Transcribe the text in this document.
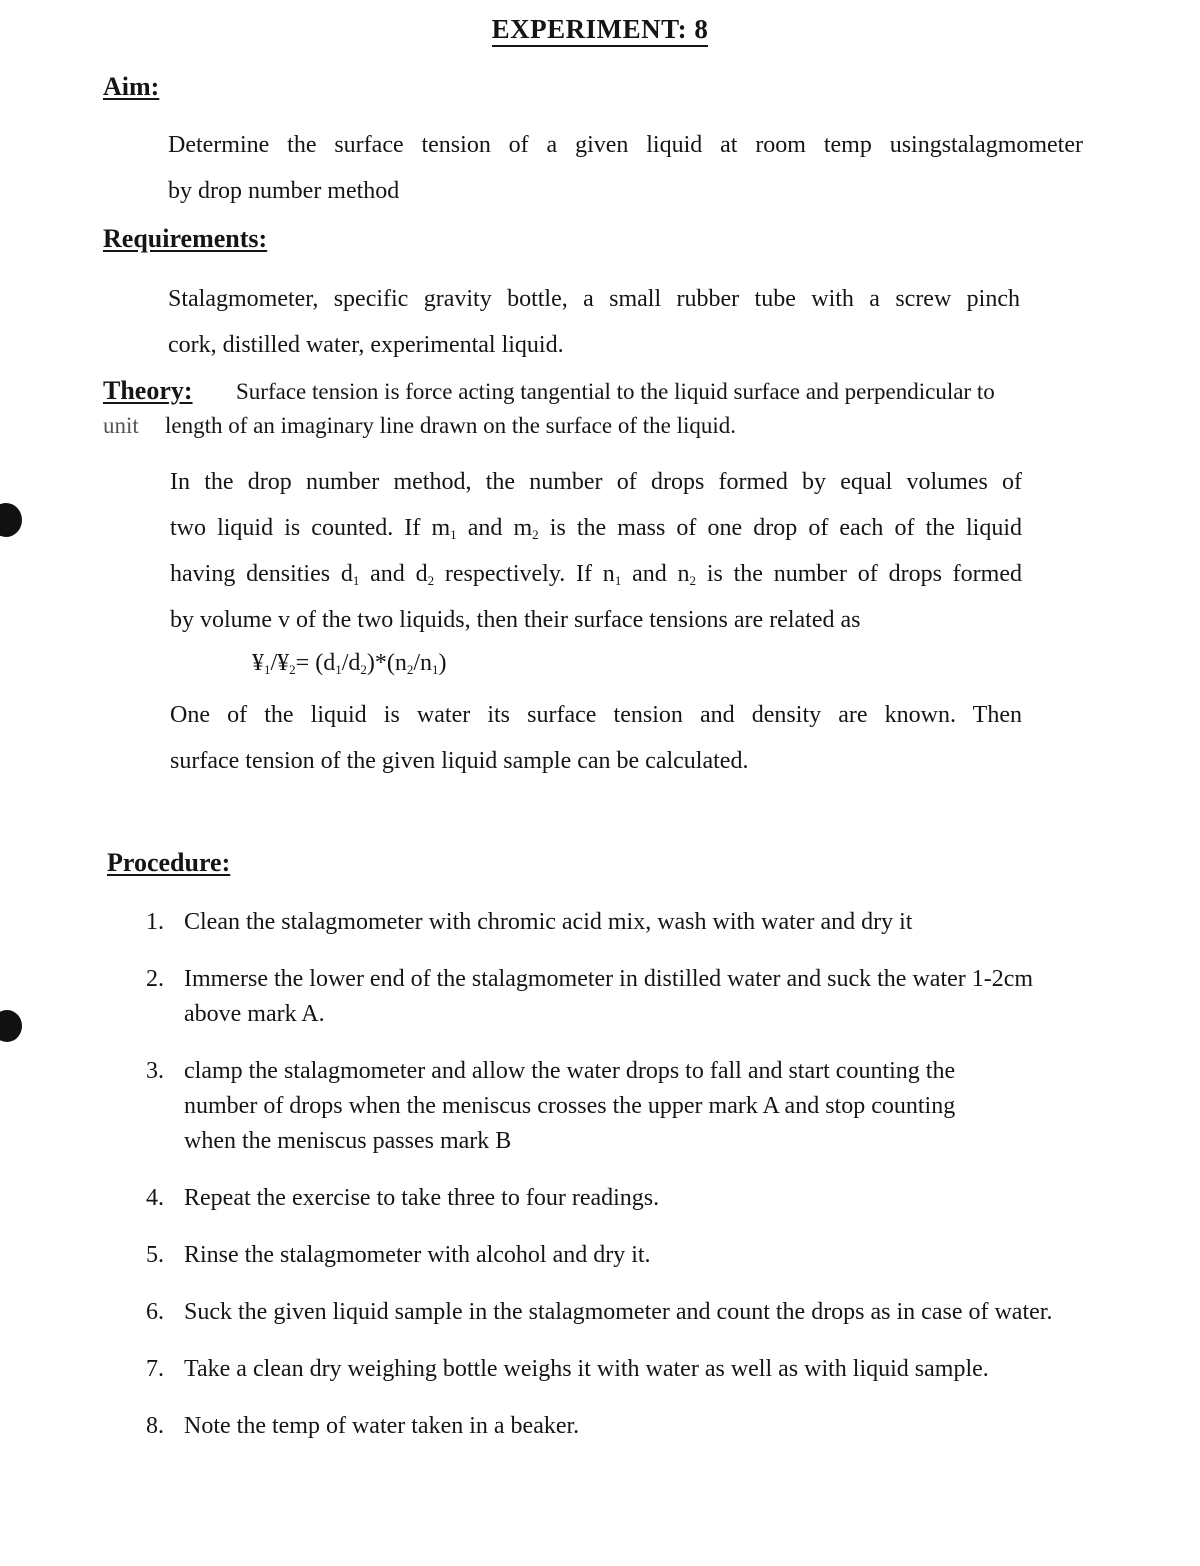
EXPERIMENT: 8
Aim:
Determine the surface tension of a given liquid at room temp usingstalagmometer
by drop number method
Requirements:
Stalagmometer, specific gravity bottle, a small rubber tube with a screw pinch
cork, distilled water, experimental liquid.
Theory: Surface tension is force acting tangential to the liquid surface and perpendicular to
unit length of an imaginary line drawn on the surface of the liquid.
In the drop number method, the number of drops formed by equal volumes of
two liquid is counted. If $m_1$ and $m_2$ is the mass of one drop of each of the liquid
having densities $d_1$ and $d_2$ respectively. If $n_1$ and $n_2$ is the number of drops formed
by volume v of the two liquids, then their surface tensions are related as
$¥_1/¥_2= (d_1/d_2)*(n_2/n_1)$
One of the liquid is water its surface tension and density are known. Then
surface tension of the given liquid sample can be calculated.
Procedure:
1. Clean the stalagmometer with chromic acid mix, wash with water and dry it
2. Immerse the lower end of the stalagmometer in distilled water and suck the water 1-2cm above mark A.
3. clamp the stalagmometer and allow the water drops to fall and start counting the number of drops when the meniscus crosses the upper mark A and stop counting when the meniscus passes mark B
4. Repeat the exercise to take three to four readings.
5. Rinse the stalagmometer with alcohol and dry it.
6. Suck the given liquid sample in the stalagmometer and count the drops as in case of water.
7. Take a clean dry weighing bottle weighs it with water as well as with liquid sample.
8. Note the temp of water taken in a beaker.
